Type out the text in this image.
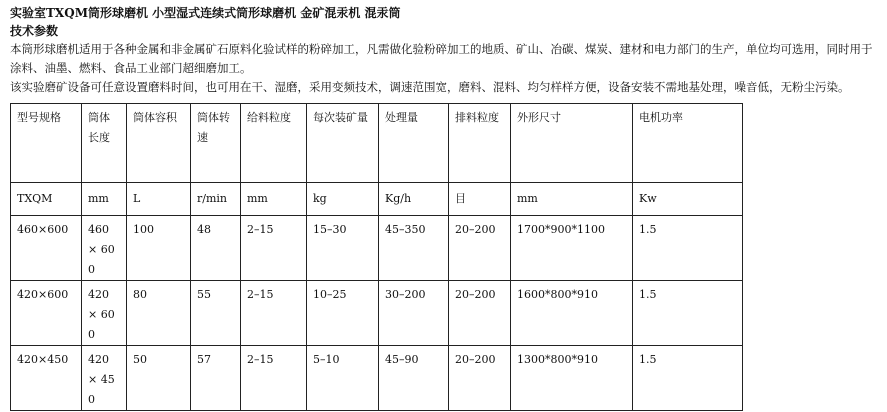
实验室TXQM筒形球磨机 小型湿式连续式筒形球磨机 金矿混汞机 混汞筒
技术参数

本筒形球磨机适用于各种金属和非金属矿石原料化验试样的粉碎加工，凡需做化验粉碎加工的地质、矿山、冶碳、煤炭、建材和电力部门的生产，单位均可选用，同时用于涂料、油墨、燃料、食品工业部门超细磨加工。

该实验磨矿设备可任意设置磨料时间，也可用在干、湿磨，采用变频技术，调速范围宽，磨料、混料、均匀样样方便，设备安装不需地基处理，噪音低，无粉尘污染。

型号规格	筒体长度	筒体容积	筒体转速	给料粒度	每次装矿量	处理量	排料粒度	外形尺寸	电机功率
TXQM	mm	L	r/min	mm	kg	Kg/h	目	mm	Kw
460×600	460 × 600	100	48	2–15	15–30	45–350	20–200	1700*900*1100	1.5
420×600	420 × 600	80	55	2–15	10–25	30–200	20–200	1600*800*910	1.5
420×450	420 × 450	50	57	2–15	5–10	45–90	20–200	1300*800*910	1.5
